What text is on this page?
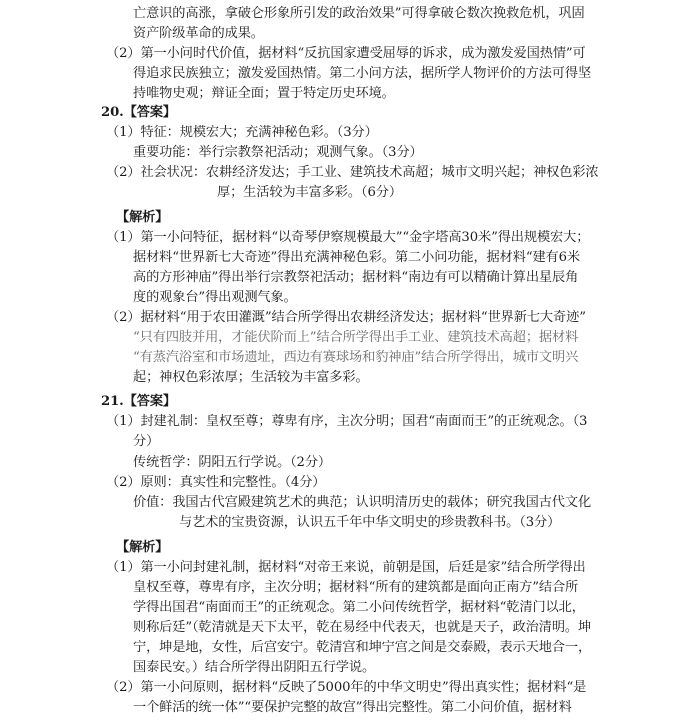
亡意识的高涨，拿破仑形象所引发的政治效果”可得拿破仑数次挽救危机，巩固
资产阶级革命的成果。
（2）第一小问时代价值，据材料“反抗国家遭受屈辱的诉求，成为激发爱国热情”可
得追求民族独立；激发爱国热情。第二小问方法，据所学人物评价的方法可得坚
持唯物史观；辩证全面；置于特定历史环境。
20.【答案】
（1）特征：规模宏大；充满神秘色彩。（3分）
重要功能：举行宗教祭祀活动；观测气象。（3分）
（2）社会状况：农耕经济发达；手工业、建筑技术高超；城市文明兴起；神权色彩浓
厚；生活较为丰富多彩。（6分）
【解析】
（1）第一小问特征，据材料“以奇琴伊察规模最大”“金字塔高30米”得出规模宏大；
据材料“世界新七大奇迹”得出充满神秘色彩。第二小问功能，据材料“建有6米
高的方形神庙”得出举行宗教祭祀活动；据材料“南边有可以精确计算出星辰角
度的观象台”得出观测气象。
（2）据材料“用于农田灌溉”结合所学得出农耕经济发达；据材料“世界新七大奇迹”
“只有四肢并用，才能伏阶而上”结合所学得出手工业、建筑技术高超；据材料
“有蒸汽浴室和市场遗址，西边有赛球场和豹神庙”结合所学得出，城市文明兴
起；神权色彩浓厚；生活较为丰富多彩。
21.【答案】
（1）封建礼制：皇权至尊；尊卑有序，主次分明；国君“南面而王”的正统观念。（3
分）
传统哲学：阴阳五行学说。（2分）
（2）原则：真实性和完整性。（4分）
价值：我国古代宫殿建筑艺术的典范；认识明清历史的载体；研究我国古代文化
与艺术的宝贵资源，认识五千年中华文明史的珍贵教科书。（3分）
【解析】
（1）第一小问封建礼制，据材料“对帝王来说，前朝是国，后廷是家”结合所学得出
皇权至尊，尊卑有序，主次分明；据材料“所有的建筑都是面向正南方”结合所
学得出国君“南面而王”的正统观念。第二小问传统哲学，据材料“乾清门以北，
则称后廷”（乾清就是天下太平，乾在易经中代表天，也就是天子，政治清明。坤
宁，坤是地，女性，后宫安宁。乾清宫和坤宁宫之间是交泰殿，表示天地合一，
国泰民安。）结合所学得出阴阳五行学说。
（2）第一小问原则，据材料“反映了5000年的中华文明史”得出真实性；据材料“是
一个鲜活的统一体”“要保护完整的故宫”得出完整性。第二小问价值，据材料
